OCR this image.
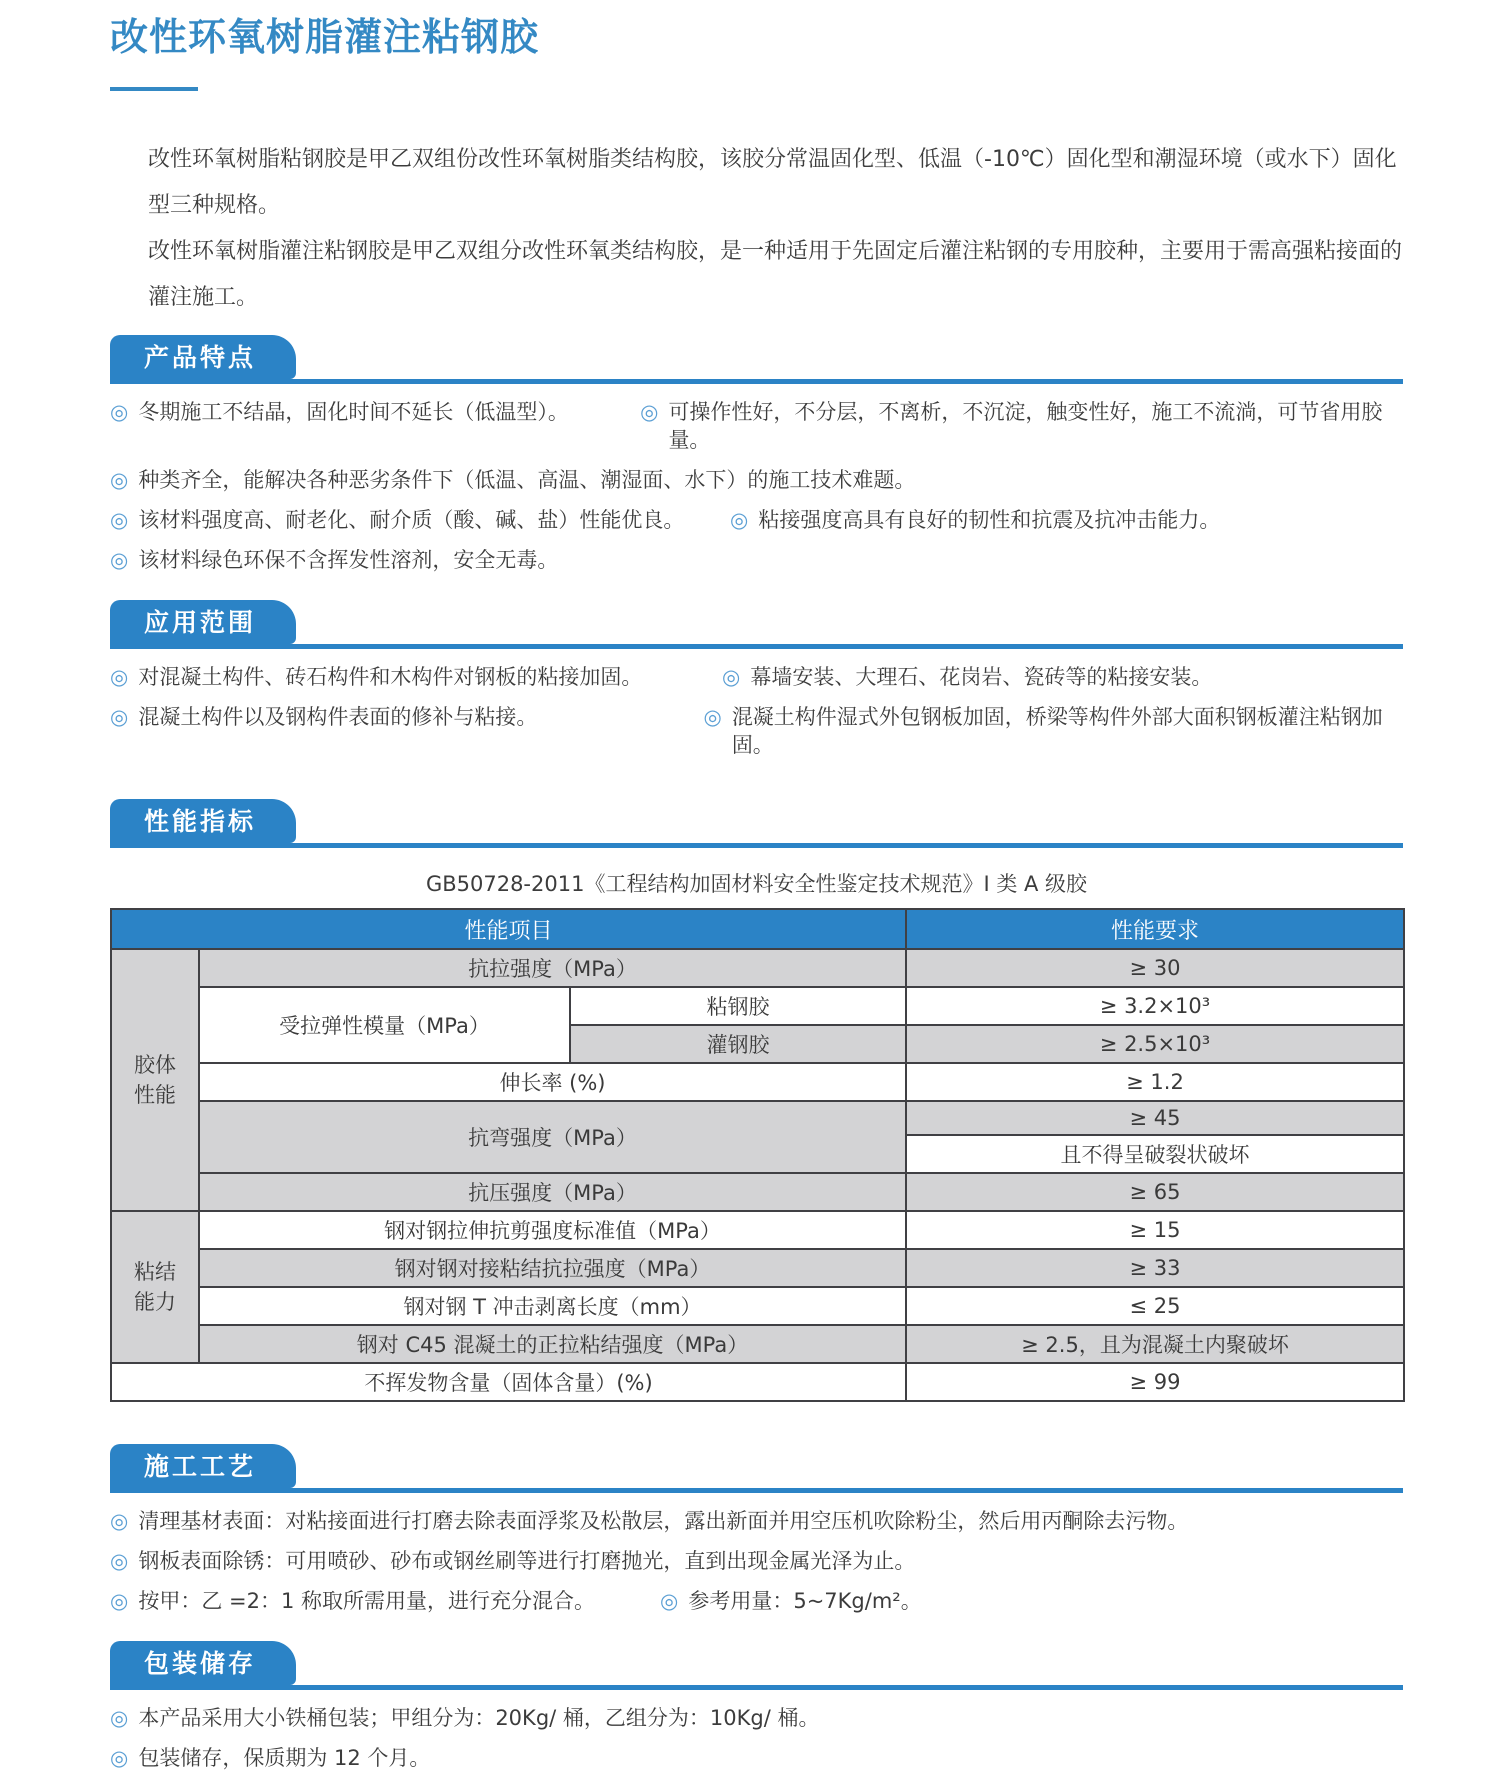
改性环氧树脂灌注粘钢胶
改性环氧树脂粘钢胶是甲乙双组份改性环氧树脂类结构胶，该胶分常温固化型、低温（-10℃）固化型和潮湿环境（或水下）固化型三种规格。
改性环氧树脂灌注粘钢胶是甲乙双组分改性环氧类结构胶，是一种适用于先固定后灌注粘钢的专用胶种，主要用于需高强粘接面的灌注施工。
产品特点
◎ 冬期施工不结晶，固化时间不延长（低温型）。	◎ 可操作性好，不分层，不离析，不沉淀，触变性好，施工不流淌，可节省用胶量。
◎ 种类齐全，能解决各种恶劣条件下（低温、高温、潮湿面、水下）的施工技术难题。
◎ 该材料强度高、耐老化、耐介质（酸、碱、盐）性能优良。 ◎ 粘接强度高具有良好的韧性和抗震及抗冲击能力。
◎ 该材料绿色环保不含挥发性溶剂，安全无毒。
应用范围
◎ 对混凝土构件、砖石构件和木构件对钢板的粘接加固。	◎ 幕墙安装、大理石、花岗岩、瓷砖等的粘接安装。
◎ 混凝土构件以及钢构件表面的修补与粘接。	◎ 混凝土构件湿式外包钢板加固，桥梁等构件外部大面积钢板灌注粘钢加固。
性能指标
GB50728-2011《工程结构加固材料安全性鉴定技术规范》I 类 A 级胶
性能项目			性能要求
胶体性能	抗拉强度（MPa）		≥ 30
	受拉弹性模量（MPa）	粘钢胶	≥ 3.2×10³
		灌钢胶	≥ 2.5×10³
	伸长率 (%)		≥ 1.2
	抗弯强度（MPa）		≥ 45
			且不得呈破裂状破坏
	抗压强度（MPa）		≥ 65
粘结能力	钢对钢拉伸抗剪强度标准值（MPa）		≥ 15
	钢对钢对接粘结抗拉强度（MPa）		≥ 33
	钢对钢 T 冲击剥离长度（mm）		≤ 25
	钢对 C45 混凝土的正拉粘结强度（MPa）		≥ 2.5，且为混凝土内聚破坏
不挥发物含量（固体含量）(%)			≥ 99
施工工艺
◎ 清理基材表面：对粘接面进行打磨去除表面浮浆及松散层，露出新面并用空压机吹除粉尘，然后用丙酮除去污物。
◎ 钢板表面除锈：可用喷砂、砂布或钢丝刷等进行打磨抛光，直到出现金属光泽为止。
◎ 按甲：乙 =2：1 称取所需用量，进行充分混合。	◎ 参考用量：5~7Kg/m²。
包装储存
◎ 本产品采用大小铁桶包装；甲组分为：20Kg/ 桶，乙组分为：10Kg/ 桶。
◎ 包装储存，保质期为 12 个月。
